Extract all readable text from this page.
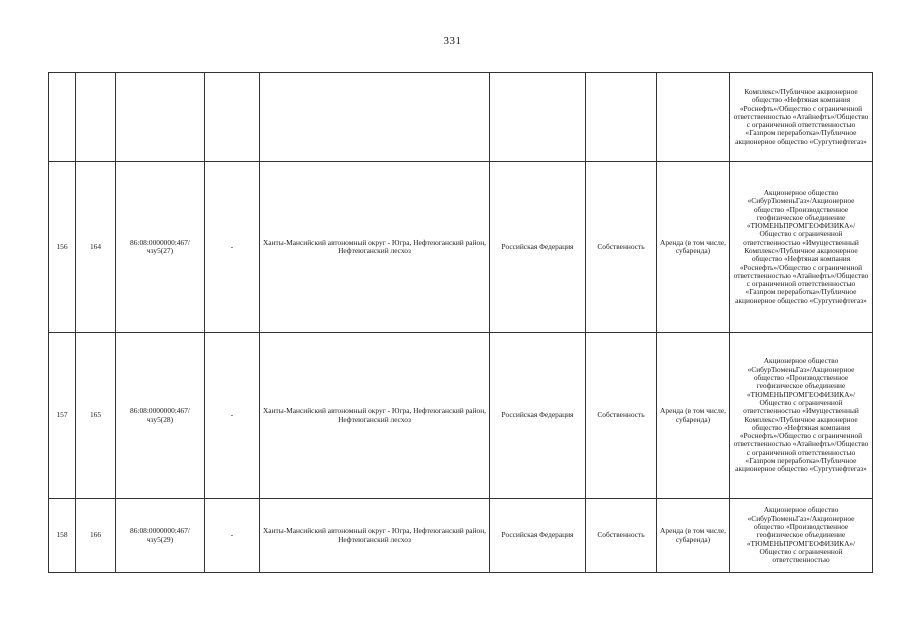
331
								Комплекс»/Публичное акционерное общество «Нефтяная компания «Роснефть»/Общество с ограниченной ответственностью «Атайнефть»/Общество с ограниченной ответственностью «Газпром переработка»/Публичное акционерное общество «Сургутнефтегаз»
156	164	86:08:0000000:467/чзу5(27)	-	Ханты-Мансийский автономный округ - Югра, Нефтеюганский район, Нефтеюганский лесхоз	Российская Федерация	Собственность	Аренда (в том числе, субаренда)	Акционерное общество «СибурТюменьГаз»/Акционерное общество «Производственное геофизическое объединение «ТЮМЕНЬПРОМГЕОФИЗИКА»/Общество с ограниченной ответственностью «Имущественный Комплекс»/Публичное акционерное общество «Нефтяная компания «Роснефть»/Общество с ограниченной ответственностью «Атайнефть»/Общество с ограниченной ответственностью «Газпром переработка»/Публичное акционерное общество «Сургутнефтегаз»
157	165	86:08:0000000:467/чзу5(28)	-	Ханты-Мансийский автономный округ - Югра, Нефтеюганский район, Нефтеюганский лесхоз	Российская Федерация	Собственность	Аренда (в том числе, субаренда)	Акционерное общество «СибурТюменьГаз»/Акционерное общество «Производственное геофизическое объединение «ТЮМЕНЬПРОМГЕОФИЗИКА»/Общество с ограниченной ответственностью «Имущественный Комплекс»/Публичное акционерное общество «Нефтяная компания «Роснефть»/Общество с ограниченной ответственностью «Атайнефть»/Общество с ограниченной ответственностью «Газпром переработка»/Публичное акционерное общество «Сургутнефтегаз»
158	166	86:08:0000000:467/чзу5(29)	-	Ханты-Мансийский автономный округ - Югра, Нефтеюганский район, Нефтеюганский лесхоз	Российская Федерация	Собственность	Аренда (в том числе, субаренда)	Акционерное общество «СибурТюменьГаз»/Акционерное общество «Производственное геофизическое объединение «ТЮМЕНЬПРОМГЕОФИЗИКА»/Общество с ограниченной ответственностью
